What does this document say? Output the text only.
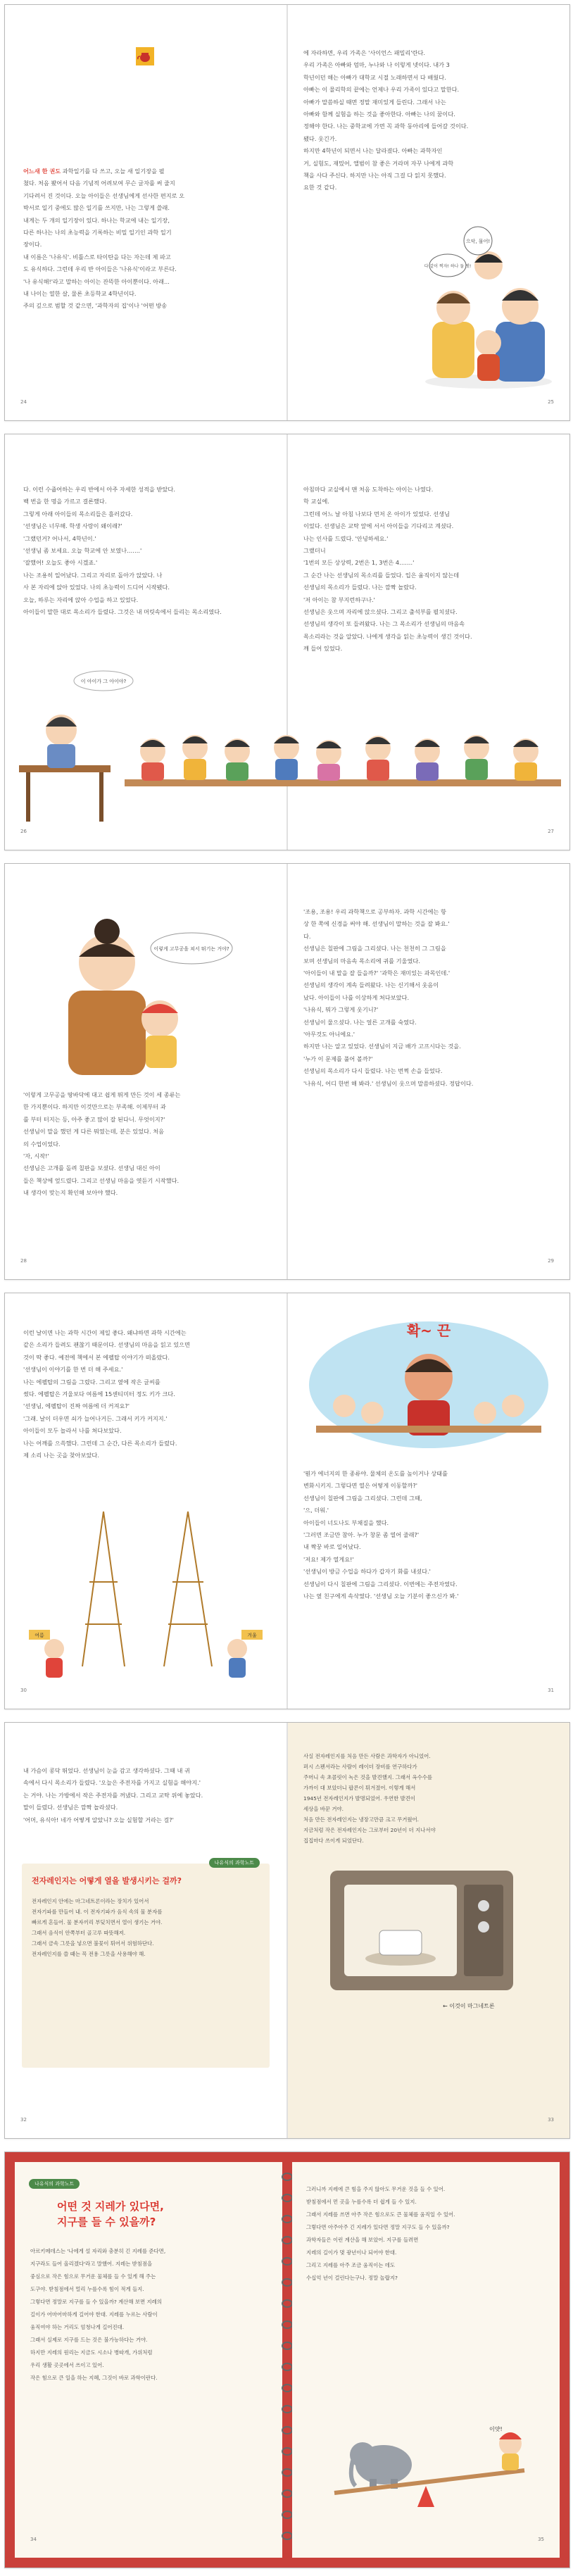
어느새 한 권도 과학일기를 다 쓰고, 오늘 새 일기장을 펼

쳤다. 처음 봤어서 다음 기념적 어려보여 무슨 글자를 써 줄지

기다려서 진 것이다. 오늘 아이들은 선생님에게 선사한 편지로 오

박서로 일기 중에도 많은 일기를 쓰지만, 나는 그렇게 쓸래.

내게는 두 개의 일기장이 있다. 하나는 학교에 내는 일기장,

다른 하나는 나의 초능력을 기록하는 비밀 일기인 과학 일기

장이다.

내 이름은 '나유식'. 비틀스로 타이탄을 다는 자는데 제 파고

도 유식하다. 그런데 우리 반 아이들은 '나유식'이라고 부른다.

'나 유식해!'라고 말하는 아이는 잔뜩한 아이뿐이다. 아래...

내 나이는 열한 살, 물론 초등학교 4학년이다.

주의 깊으로 범할 것 같으면, '과학자의 집'이나 '어떤 방송

24

에 자라하면, 우리 가족은 '사이언스 패밀리'란다.

우리 가족은 아빠와 엄마, 누나와 나 이렇게 넷이다. 내가 3

학년이던 해는 아빠가 대학교 시절 노래하면서 다 배웠다.

아빠는 이 물리학의 끝에는 언제나 우리 가족이 있다고 말한다.

아빠가 말씀하실 때면 정말 재미있게 들린다. 그래서 나는

아빠와 함께 실험을 하는 것을 좋아한다. 아빠는 나의 꿈이다.

정해야 한다. 나는 중학교에 가면 꼭 과학 동아리에 들어갈 것이다.

됐다. 웃긴가.

하지만 4학년이 되면서 나는 달라졌다. 아빠는 과학자인

거, 실험도, 재밌어, 앨범이 참 좋은 거라며 자꾸 나에게 과학

책을 사다 주신다. 하지만 나는 아직 그걸 다 읽지 못했다.

요한 것 같다.

으악, 물어!
다 같이 찍자! 하나 둘 셋!
25

다. 이런 수줍어하는 우리 반에서 아주 자세한 성적을 받았다.

백 번을 한 명을 가르고 결론했다.

그렇게 아래 아이들의 목소리들은 흘러갔다.

'선생님은 너무해. 학생 사랑이 왜이래?'

'그랬던거? 어나서, 4학년이.'

'선생님 좀 보세요. 오늘 학교에 안 보였나…….'

'잘했어! 오늘도 좋아 시겠죠.'

나는 조용히 일어났다. 그리고 자리로 돌아가 앉았다. 나

사 본 자리에 앉아 있었다. 나의 초능력이 드디어 시작됐다.

오늘, 하루는 자리에 앉아 수업을 하고 있었다.

아이들이 말한 대로 목소리가 들렸다. 그것은 내 머릿속에서 들리는 목소리였다.

26

아침마다 교실에서 맨 처음 도착하는 아이는 나였다.

학 교실에.

그런데 어느 날 아침 나보다 먼저 온 아이가 있었다. 선생님

이었다. 선생님은 교탁 앞에 서서 아이들을 기다리고 계셨다.

나는 인사를 드렸다. '안녕하세요.'

그랬더니

'1번의 모든 상상력, 2번은 1, 3번은 4…….'

그 순간 나는 선생님의 목소리를 들었다. 입은 움직이지 않는데

선생님의 목소리가 들렸다. 나는 깜짝 놀랐다.

'저 아이는 참 부지런하구나.'

선생님은 웃으며 자리에 앉으셨다. 그리고 출석부를 펼치셨다.

선생님의 생각이 또 들려왔다. 나는 그 목소리가 선생님의 마음속

목소리라는 것을 알았다. 나에게 생각을 읽는 초능력이 생긴 것이다.

깨 들어 있었다.

27
이 아이가 그 아이야?
이렇게 고무공을 쳐서 뛰기는 거야?

'이렇게 고무공을 땅바닥에 대고 쉽게 뛰게 만든 것이 세 종류는

한 가지뿐이다. 하지만 이것만으로는 부족해. 이제부터 과

를 부터 터지는 등, 아주 좋고 많이 잘 된다니. 무엇이지?'

선생님이 말을 했던 게 다른 뭐였는데, 분은 있었다. 처음

의 수업이었다.

'자, 시작!'

선생님은 고개를 돌려 칠판을 보셨다. 선생님 대신 아이

들은 책상에 엎드렸다. 그리고 선생님 마음을 엿듣기 시작했다.

내 생각이 맞는지 확인해 보아야 했다.

28

'조용, 조용! 우리 과학책으로 공부하자. 과학 시간에는 항

상 한 쪽에 신경을 써야 해. 선생님이 말하는 것을 잘 봐요.'

다.

선생님은 칠판에 그림을 그리셨다. 나는 천천히 그 그림을

보며 선생님의 마음속 목소리에 귀를 기울였다.

'아이들이 내 말을 잘 들을까?' '과학은 재미있는 과목인데.'

선생님의 생각이 계속 들려왔다. 나는 신기해서 웃음이

났다. 아이들이 나를 이상하게 쳐다보았다.

'나유식, 뭐가 그렇게 웃기니?'

선생님이 물으셨다. 나는 얼른 고개를 숙였다.

'아무것도 아니에요.'

하지만 나는 알고 있었다. 선생님이 지금 배가 고프시다는 것을.

'누가 이 문제를 풀어 볼까?'

선생님의 목소리가 다시 들렸다. 나는 번쩍 손을 들었다.

'나유식, 어디 한번 해 봐라.' 선생님이 웃으며 말씀하셨다. 정답이다.

29

이런 날이면 나는 과학 시간이 제일 좋다. 왜냐하면 과학 시간에는

같은 소리가 들려도 괜찮기 때문이다. 선생님의 마음을 읽고 있으면

것이 딱 좋다. 예전에 책에서 본 에펠탑 이야기가 떠올랐다.

'선생님이 이야기를 한 번 더 해 주세요.'

나는 에펠탑의 그림을 그렸다. 그리고 옆에 작은 글씨를

썼다. 에펠탑은 겨울보다 여름에 15센티미터 정도 키가 크다.

'선생님, 에펠탑이 진짜 여름에 더 커져요?'

'그래. 날이 더우면 쇠가 늘어나거든. 그래서 키가 커지지.'

아이들이 모두 놀라서 나를 쳐다보았다.

나는 어깨를 으쓱했다. 그런데 그 순간, 다른 목소리가 들렸다.

제 소리 나는 곳을 찾아보았다.

여름	겨울
30
확~ 끈

'뭔가 에너지의 한 종류야. 물체의 온도를 높이거나 상태를

변화시키지. 그렇다면 열은 어떻게 이동할까?'

선생님이 칠판에 그림을 그리셨다. 그런데 그때,

'으, 더워.'

아이들이 너도나도 부채질을 했다.

'그러면 조금만 참아. 누가 창문 좀 열어 줄래?'

내 짝꿍 바로 일어났다.

'저요! 제가 열게요!'

'선생님이 방금 수업을 하다가 갑자기 화를 내셨다.'

선생님이 다시 칠판에 그림을 그리셨다. 이번에는 주전자였다.

나는 옆 친구에게 속삭였다. '선생님 오늘 기분이 좋으신가 봐.'

31

내 가슴이 콩닥 뛰었다. 선생님이 눈을 감고 생각하셨다. 그때 내 귀

속에서 다시 목소리가 들렸다. '오늘은 주전자를 가지고 실험을 해야지.'

는 거야. 나는 가방에서 작은 주전자를 꺼냈다. 그리고 교탁 위에 놓았다.

말이 들렸다. 선생님은 깜짝 놀라셨다.

'어머, 유식아! 네가 어떻게 알았니? 오늘 실험할 거라는 걸?'

나유식의 과학노트
전자레인지는 어떻게 열을 발생시키는 걸까?

전자레인지 안에는 마그네트론이라는 장치가 있어서

전자기파를 만들어 내. 이 전자기파가 음식 속의 물 분자를

빠르게 흔들어. 물 분자끼리 부딪치면서 열이 생기는 거야.

그래서 음식이 안쪽부터 골고루 따뜻해져.

그래서 금속 그릇을 넣으면 불꽃이 튀어서 위험하단다.

전자레인지를 쓸 때는 꼭 전용 그릇을 사용해야 해.

32

사실 전자레인지를 처음 만든 사람은 과학자가 아니었어.

퍼시 스펜서라는 사람이 레이더 장비를 연구하다가

주머니 속 초콜릿이 녹은 것을 발견했지. 그래서 옥수수를

가까이 대 보았더니 팝콘이 튀겨졌어. 이렇게 해서

1945년 전자레인지가 발명되었어. 우연한 발견이

세상을 바꾼 거야.

처음 만든 전자레인지는 냉장고만큼 크고 무거웠어.

지금처럼 작은 전자레인지는 그로부터 20년이 더 지나서야

집집마다 쓰이게 되었단다.

← 이것이 마그네트론
33
나유식의 과학노트
어떤 것 지레가 있다면,
지구를 들 수 있을까?

아르키메데스는 '나에게 설 자리와 충분히 긴 지레를 준다면,

지구라도 들어 올리겠다'라고 말했어. 지레는 받침점을

중심으로 작은 힘으로 무거운 물체를 들 수 있게 해 주는

도구야. 받침점에서 멀리 누를수록 힘이 적게 들지.

그렇다면 정말로 지구를 들 수 있을까? 계산해 보면 지레의

길이가 어마어마하게 길어야 한대. 지레를 누르는 사람이

움직여야 하는 거리도 엄청나게 길어진대.

그래서 실제로 지구를 드는 것은 불가능하다는 거야.

하지만 지레의 원리는 지금도 시소나 병따개, 가위처럼

우리 생활 곳곳에서 쓰이고 있어.

작은 힘으로 큰 일을 하는 지혜, 그것이 바로 과학이란다.

34

그러니까 지레에 큰 힘을 주지 않아도 무거운 것을 들 수 있어.

받침점에서 먼 곳을 누를수록 더 쉽게 들 수 있지.

그래서 지레를 쓰면 아주 작은 힘으로도 큰 물체를 움직일 수 있어.

그렇다면 아주아주 긴 지레가 있다면 정말 지구도 들 수 있을까?

과학자들은 이런 계산을 해 보았어. 지구를 들려면

지레의 길이가 몇 광년이나 되어야 한대.

그리고 지레를 아주 조금 움직이는 데도

수십억 년이 걸린다는구나. 정말 놀랍지?

이얏!
35
